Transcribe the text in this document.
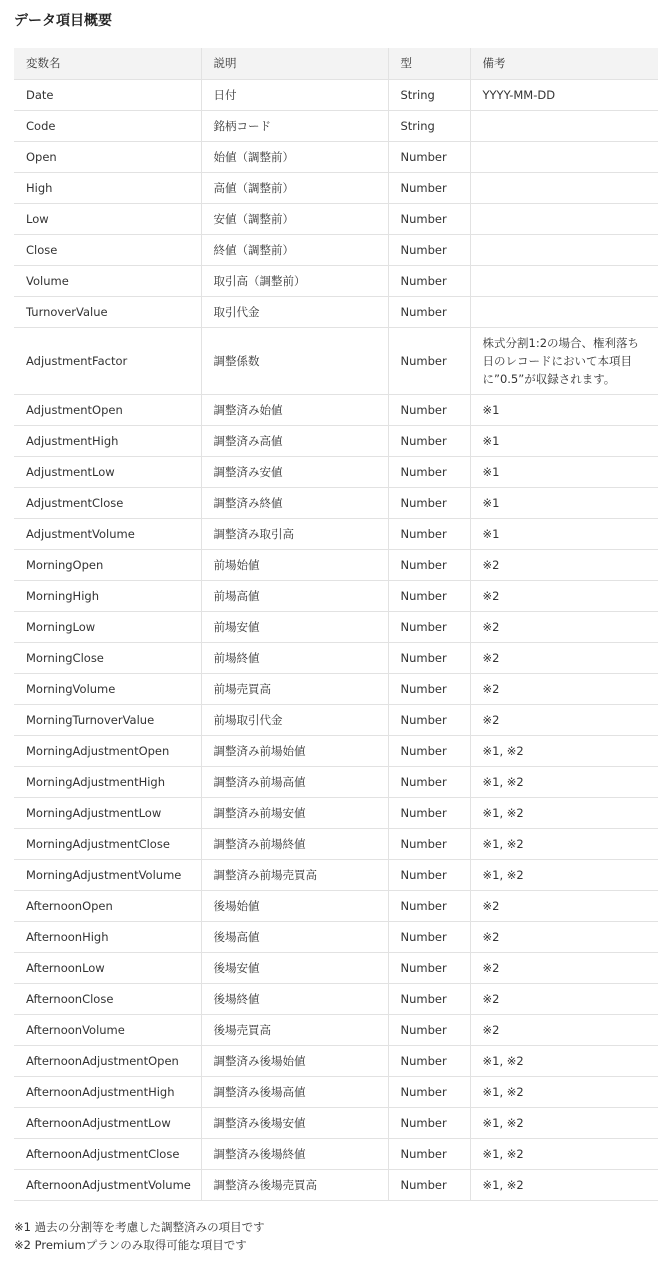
データ項目概要
変数名	説明	型	備考
Date	日付	String	YYYY-MM-DD
Code	銘柄コード	String	
Open	始値（調整前）	Number	
High	高値（調整前）	Number	
Low	安値（調整前）	Number	
Close	終値（調整前）	Number	
Volume	取引高（調整前）	Number	
TurnoverValue	取引代金	Number	
AdjustmentFactor	調整係数	Number	株式分割1:2の場合、権利落ち日のレコードにおいて本項目に”0.5”が収録されます。
AdjustmentOpen	調整済み始値	Number	※1
AdjustmentHigh	調整済み高値	Number	※1
AdjustmentLow	調整済み安値	Number	※1
AdjustmentClose	調整済み終値	Number	※1
AdjustmentVolume	調整済み取引高	Number	※1
MorningOpen	前場始値	Number	※2
MorningHigh	前場高値	Number	※2
MorningLow	前場安値	Number	※2
MorningClose	前場終値	Number	※2
MorningVolume	前場売買高	Number	※2
MorningTurnoverValue	前場取引代金	Number	※2
MorningAdjustmentOpen	調整済み前場始値	Number	※1, ※2
MorningAdjustmentHigh	調整済み前場高値	Number	※1, ※2
MorningAdjustmentLow	調整済み前場安値	Number	※1, ※2
MorningAdjustmentClose	調整済み前場終値	Number	※1, ※2
MorningAdjustmentVolume	調整済み前場売買高	Number	※1, ※2
AfternoonOpen	後場始値	Number	※2
AfternoonHigh	後場高値	Number	※2
AfternoonLow	後場安値	Number	※2
AfternoonClose	後場終値	Number	※2
AfternoonVolume	後場売買高	Number	※2
AfternoonAdjustmentOpen	調整済み後場始値	Number	※1, ※2
AfternoonAdjustmentHigh	調整済み後場高値	Number	※1, ※2
AfternoonAdjustmentLow	調整済み後場安値	Number	※1, ※2
AfternoonAdjustmentClose	調整済み後場終値	Number	※1, ※2
AfternoonAdjustmentVolume	調整済み後場売買高	Number	※1, ※2

※1 過去の分割等を考慮した調整済みの項目です

※2 Premiumプランのみ取得可能な項目です
